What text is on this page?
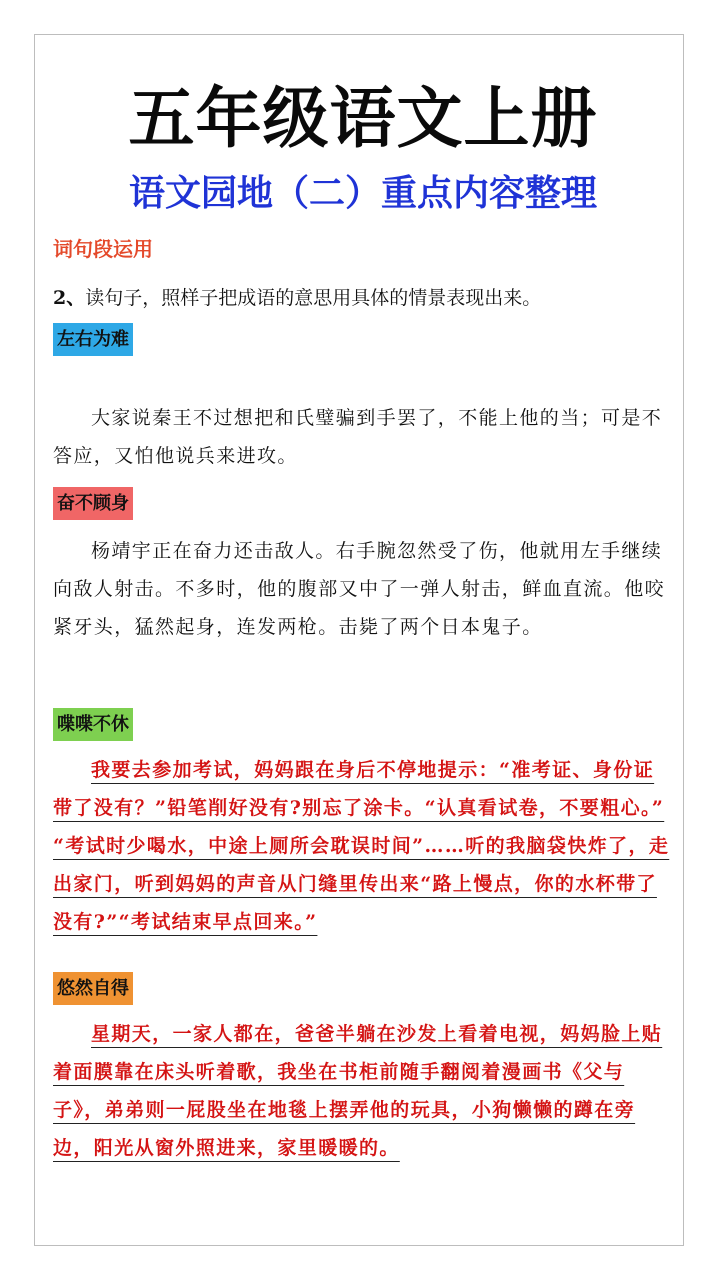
五年级语文上册
语文园地（二）重点内容整理
词句段运用
2、读句子，照样子把成语的意思用具体的情景表现出来。
左右为难

大家说秦王不过想把和氏璧骗到手罢了，不能上他的当；可是不答应，又怕他说兵来进攻。

奋不顾身

杨靖宇正在奋力还击敌人。右手腕忽然受了伤，他就用左手继续向敌人射击。不多时，他的腹部又中了一弹人射击，鲜血直流。他咬紧牙头，猛然起身，连发两枪。击毙了两个日本鬼子。

喋喋不休

我要去参加考试，妈妈跟在身后不停地提示：“准考证、身份证带了没有？”铅笔削好没有?别忘了涂卡。“认真看试卷，不要粗心。” “考试时少喝水，中途上厕所会耽误时间”……听的我脑袋快炸了，走出家门，听到妈妈的声音从门缝里传出来“路上慢点，你的水杯带了没有?”“考试结束早点回来。”

悠然自得

星期天，一家人都在，爸爸半躺在沙发上看着电视，妈妈脸上贴着面膜靠在床头听着歌，我坐在书柜前随手翻阅着漫画书《父与子》，弟弟则一屁股坐在地毯上摆弄他的玩具，小狗懒懒的蹲在旁边，阳光从窗外照进来，家里暖暖的。
